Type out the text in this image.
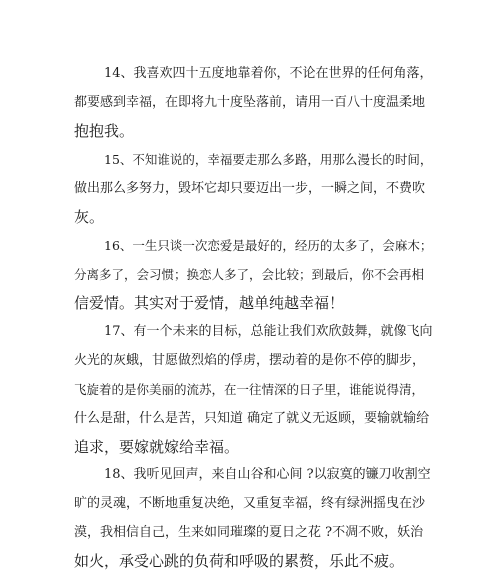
14、我喜欢四十五度地靠着你，不论在世界的任何角落，
都要感到幸福，在即将九十度坠落前，请用一百八十度温柔地
抱抱我。
15、不知谁说的，幸福要走那么多路，用那么漫长的时间，
做出那么多努力，毁坏它却只要迈出一步，一瞬之间，不费吹
灰。
16、一生只谈一次恋爱是最好的，经历的太多了，会麻木；
分离多了，会习惯；换恋人多了，会比较；到最后，你不会再相
信爱情。其实对于爱情，越单纯越幸福！
17、有一个未来的目标，总能让我们欢欣鼓舞，就像飞向
火光的灰蛾，甘愿做烈焰的俘虏，摆动着的是你不停的脚步，
飞旋着的是你美丽的流苏，在一往情深的日子里，谁能说得清，
什么是甜，什么是苦，只知道 确定了就义无返顾，要输就输给
追求，要嫁就嫁给幸福。
18、我听见回声，来自山谷和心间 ?以寂寞的镰刀收割空
旷的灵魂，不断地重复决绝，又重复幸福，终有绿洲摇曳在沙
漠，我相信自己，生来如同璀璨的夏日之花 ?不凋不败，妖治
如火，承受心跳的负荷和呼吸的累赘，乐此不疲。
